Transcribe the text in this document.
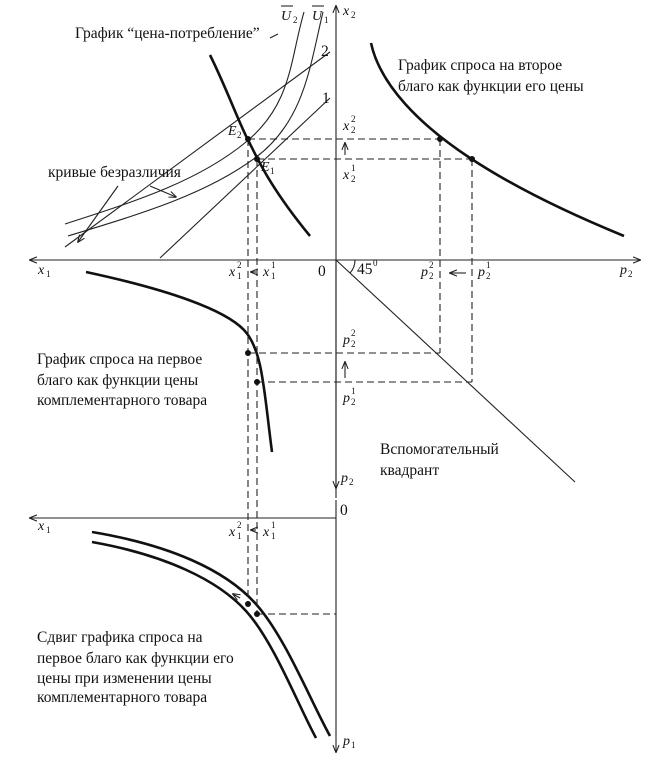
График “цена-потребление”
кривые безразличия
График спроса на второе
благо как функции его цены
График спроса на первое
благо как функции цены
комплементарного товара
Вспомогательный
квадрант
Сдвиг графика спроса на
первое благо как функции его
цены при изменении цены
комплементарного товара
U 2 U 1
x 2
x 1	p 2
p 2
x 1
p 1
2
1
E 2
E 1
x 2
2
x 1
2
x 2
1 x 1
1
x 2
1 x 1
1
p 2
2	p 1
2
p 2
2
p 1
2
0
0
45 0
